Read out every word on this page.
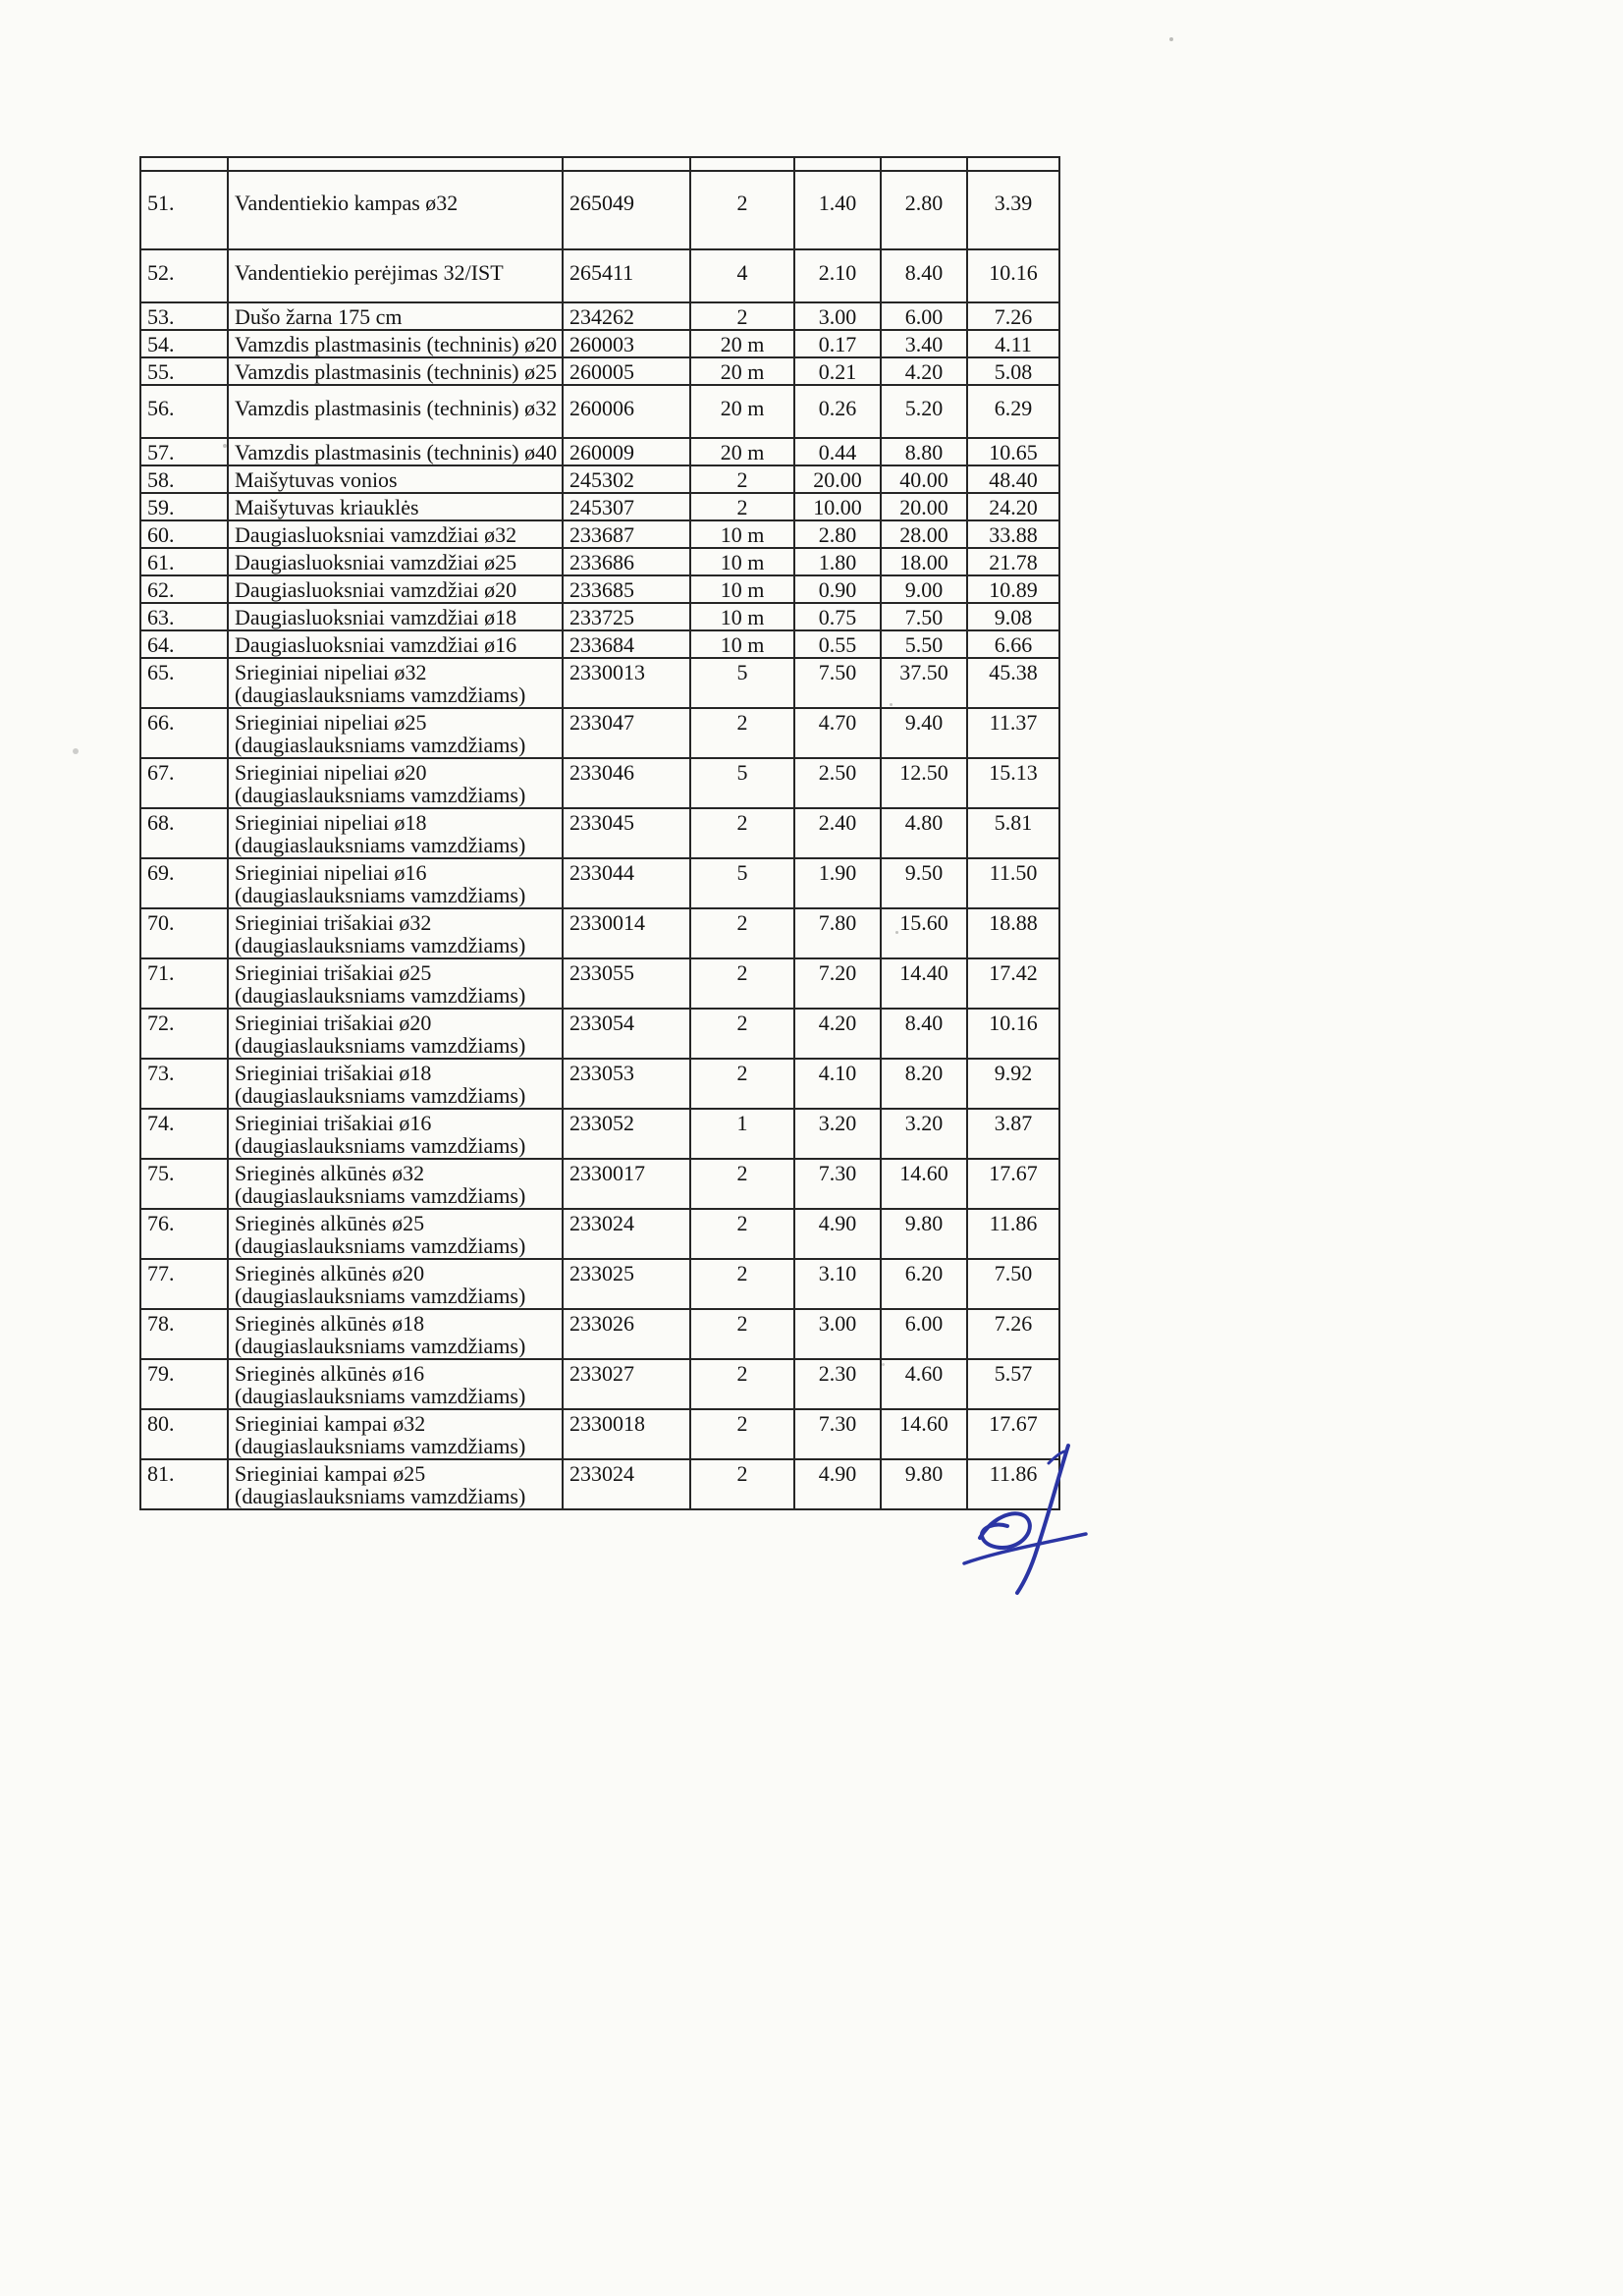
51.	Vandentiekio kampas ø32	265049	2	1.40	2.80	3.39
52.	Vandentiekio perėjimas 32/IST	265411	4	2.10	8.40	10.16
53.	Dušo žarna 175 cm	234262	2	3.00	6.00	7.26
54.	Vamzdis plastmasinis (techninis) ø20	260003	20 m	0.17	3.40	4.11
55.	Vamzdis plastmasinis (techninis) ø25	260005	20 m	0.21	4.20	5.08
56.	Vamzdis plastmasinis (techninis) ø32	260006	20 m	0.26	5.20	6.29
57.	Vamzdis plastmasinis (techninis) ø40	260009	20 m	0.44	8.80	10.65
58.	Maišytuvas vonios	245302	2	20.00	40.00	48.40
59.	Maišytuvas kriauklės	245307	2	10.00	20.00	24.20
60.	Daugiasluoksniai vamzdžiai ø32	233687	10 m	2.80	28.00	33.88
61.	Daugiasluoksniai vamzdžiai ø25	233686	10 m	1.80	18.00	21.78
62.	Daugiasluoksniai vamzdžiai ø20	233685	10 m	0.90	9.00	10.89
63.	Daugiasluoksniai vamzdžiai ø18	233725	10 m	0.75	7.50	9.08
64.	Daugiasluoksniai vamzdžiai ø16	233684	10 m	0.55	5.50	6.66
65.	Srieginiai nipeliai ø32
(daugiaslauksniams vamzdžiams)	2330013	5	7.50	37.50	45.38
66.	Srieginiai nipeliai ø25
(daugiaslauksniams vamzdžiams)	233047	2	4.70	9.40	11.37
67.	Srieginiai nipeliai ø20
(daugiaslauksniams vamzdžiams)	233046	5	2.50	12.50	15.13
68.	Srieginiai nipeliai ø18
(daugiaslauksniams vamzdžiams)	233045	2	2.40	4.80	5.81
69.	Srieginiai nipeliai ø16
(daugiaslauksniams vamzdžiams)	233044	5	1.90	9.50	11.50
70.	Srieginiai trišakiai ø32
(daugiaslauksniams vamzdžiams)	2330014	2	7.80	15.60	18.88
71.	Srieginiai trišakiai ø25
(daugiaslauksniams vamzdžiams)	233055	2	7.20	14.40	17.42
72.	Srieginiai trišakiai ø20
(daugiaslauksniams vamzdžiams)	233054	2	4.20	8.40	10.16
73.	Srieginiai trišakiai ø18
(daugiaslauksniams vamzdžiams)	233053	2	4.10	8.20	9.92
74.	Srieginiai trišakiai ø16
(daugiaslauksniams vamzdžiams)	233052	1	3.20	3.20	3.87
75.	Srieginės alkūnės ø32
(daugiaslauksniams vamzdžiams)	2330017	2	7.30	14.60	17.67
76.	Srieginės alkūnės ø25
(daugiaslauksniams vamzdžiams)	233024	2	4.90	9.80	11.86
77.	Srieginės alkūnės ø20
(daugiaslauksniams vamzdžiams)	233025	2	3.10	6.20	7.50
78.	Srieginės alkūnės ø18
(daugiaslauksniams vamzdžiams)	233026	2	3.00	6.00	7.26
79.	Srieginės alkūnės ø16
(daugiaslauksniams vamzdžiams)	233027	2	2.30	4.60	5.57
80.	Srieginiai kampai ø32
(daugiaslauksniams vamzdžiams)	2330018	2	7.30	14.60	17.67
81.	Srieginiai kampai ø25
(daugiaslauksniams vamzdžiams)	233024	2	4.90	9.80	11.86
